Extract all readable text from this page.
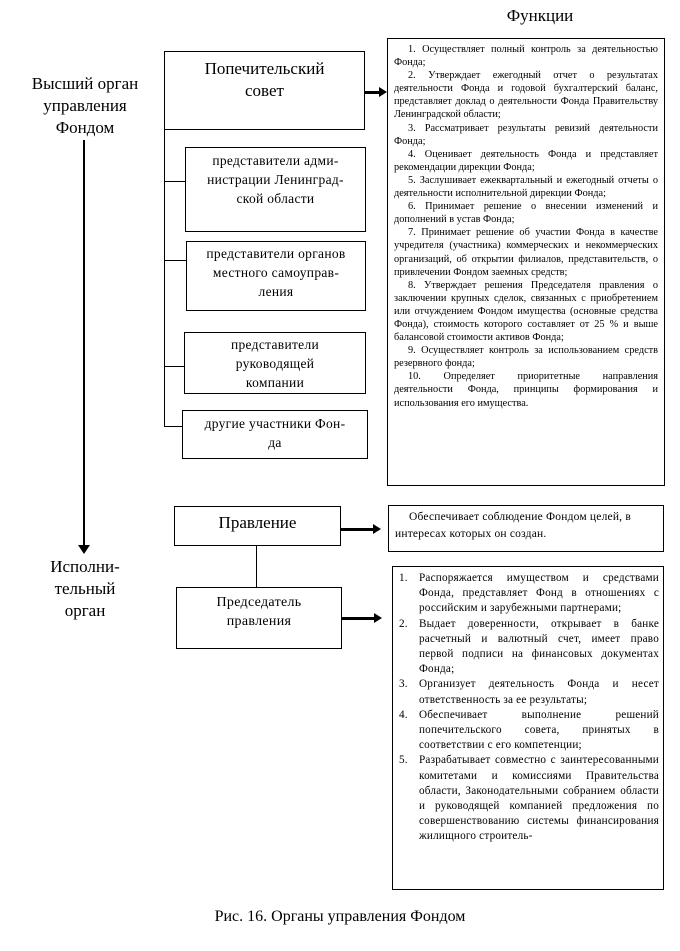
Функции
Высший орган
управления
Фондом
Исполни-
тельный
орган
Попечительский
совет
представители адми-
нистрации Ленинград-
ской области
представители органов
местного самоуправ-
ления
представители
руководящей
компании
другие участники Фон-
да

1. Осуществляет полный контроль за деятельностью Фонда;

2. Утверждает ежегодный отчет о результатах деятельности Фонда и годовой бухгалтерский баланс, представляет доклад о деятельности Фонда Правительству Ленинградской области;

3. Рассматривает результаты ревизий деятельности Фонда;

4. Оценивает деятельность Фонда и представляет рекомендации дирекции Фонда;

5. Заслушивает ежеквартальный и ежегодный отчеты о деятельности исполнительной дирекции Фонда;

6. Принимает решение о внесении изменений и дополнений в устав Фонда;

7. Принимает решение об участии Фонда в качестве учредителя (участника) коммерческих и некоммерческих организаций, об открытии филиалов, представительств, о привлечении Фондом заемных средств;

8. Утверждает решения Председателя правления о заключении крупных сделок, связанных с приобретением или отчуждением Фондом имущества (основные средства Фонда), стоимость которого составляет от 25 % и выше балансовой стоимости активов Фонда;

9. Осуществляет контроль за использованием средств резервного фонда;

10. Определяет приоритетные направления деятельности Фонда, принципы формирования и использования его имущества.

Правление	Обеспечивает соблюдение Фондом целей, в интересах которых он создан.
Председатель
правления
1. Распоряжается имуществом и средствами Фонда, представляет Фонд в отношениях с российским и зарубежными партнерами;
2. Выдает доверенности, открывает в банке расчетный и валютный счет, имеет право первой подписи на финансовых документах Фонда;
3. Организует деятельность Фонда и несет ответственность за ее результаты;
4. Обеспечивает выполнение решений попечительского совета, принятых в соответствии с его компетенции;
5. Разрабатывает совместно с заинтересованными комитетами и комиссиями Правительства области, Законодательными собранием области и руководящей компанией предложения по совершенствованию системы финансирования жилищного строитель-
Рис. 16. Органы управления Фондом
